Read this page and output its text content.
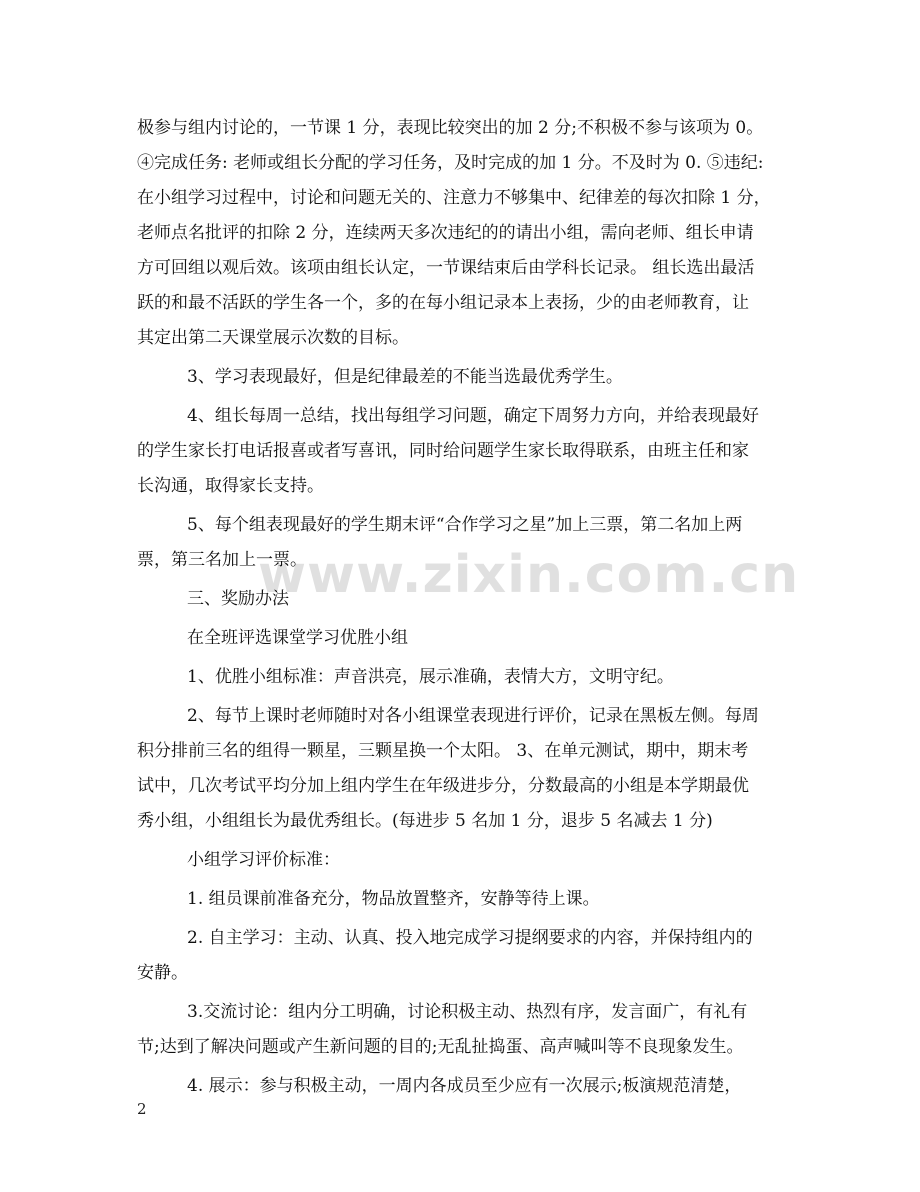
极参与组内讨论的，一节课 1 分，表现比较突出的加 2 分;不积极不参与该项为 0。
④完成任务: 老师或组长分配的学习任务，及时完成的加 1 分。不及时为 0. ⑤违纪:
在小组学习过程中，讨论和问题无关的、注意力不够集中、纪律差的每次扣除 1 分，
老师点名批评的扣除 2 分，连续两天多次违纪的的请出小组，需向老师、组长申请
方可回组以观后效。该项由组长认定，一节课结束后由学科长记录。 组长选出最活
跃的和最不活跃的学生各一个，多的在每小组记录本上表扬，少的由老师教育，让
其定出第二天课堂展示次数的目标。
3、学习表现最好，但是纪律最差的不能当选最优秀学生。
4、组长每周一总结，找出每组学习问题，确定下周努力方向，并给表现最好
的学生家长打电话报喜或者写喜讯，同时给问题学生家长取得联系，由班主任和家
长沟通，取得家长支持。
5、每个组表现最好的学生期末评“合作学习之星”加上三票，第二名加上两
票，第三名加上一票。
三、奖励办法
在全班评选课堂学习优胜小组
1、优胜小组标准：声音洪亮，展示准确，表情大方，文明守纪。
2、每节上课时老师随时对各小组课堂表现进行评价，记录在黑板左侧。每周
积分排前三名的组得一颗星，三颗星换一个太阳。 3、在单元测试，期中，期末考
试中，几次考试平均分加上组内学生在年级进步分，分数最高的小组是本学期最优
秀小组，小组组长为最优秀组长。(每进步 5 名加 1 分，退步 5 名减去 1 分)
小组学习评价标准：
1. 组员课前准备充分，物品放置整齐，安静等待上课。
2. 自主学习：主动、认真、投入地完成学习提纲要求的内容，并保持组内的
安静。
3.交流讨论：组内分工明确，讨论积极主动、热烈有序，发言面广，有礼有
节;达到了解决问题或产生新问题的目的;无乱扯捣蛋、高声喊叫等不良现象发生。
4. 展示：参与积极主动，一周内各成员至少应有一次展示;板演规范清楚，
www.zixin.com.cn
2
